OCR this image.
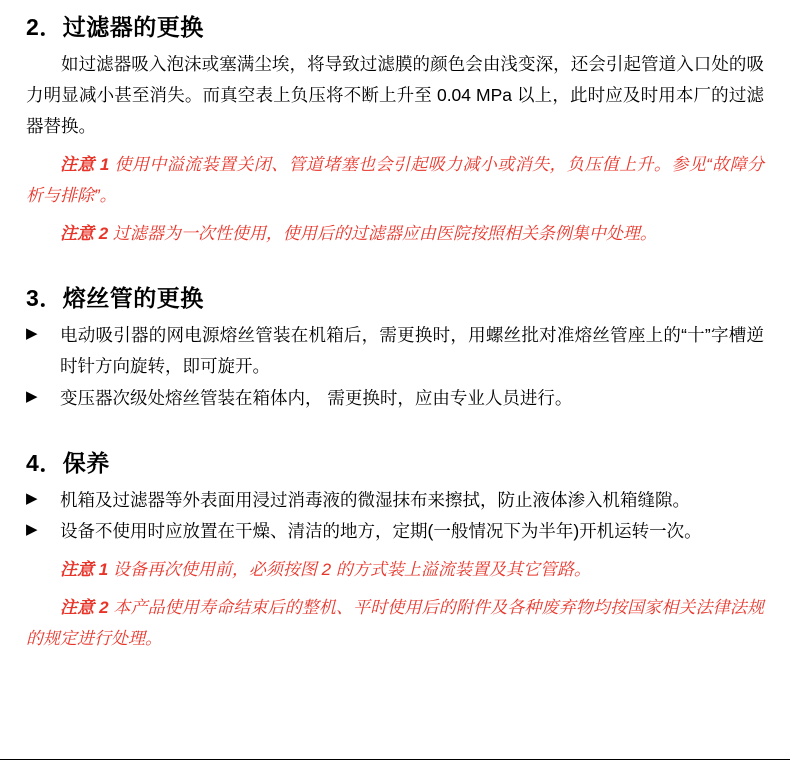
2．过滤器的更换

如过滤器吸入泡沫或塞满尘埃，将导致过滤膜的颜色会由浅变深，还会引起管道入口处的吸力明显减小甚至消失。而真空表上负压将不断上升至 0.04 MPa 以上，此时应及时用本厂的过滤器替换。

注意 1 使用中溢流装置关闭、管道堵塞也会引起吸力减小或消失，负压值上升。参见“故障分析与排除”。

注意 2 过滤器为一次性使用，使用后的过滤器应由医院按照相关条例集中处理。

3．熔丝管的更换
▶	电动吸引器的网电源熔丝管装在机箱后，需更换时，用螺丝批对准熔丝管座上的“十”字槽逆时针方向旋转，即可旋开。
▶	变压器次级处熔丝管装在箱体内， 需更换时，应由专业人员进行。
4．保养
▶	机箱及过滤器等外表面用浸过消毒液的微湿抹布来擦拭，防止液体渗入机箱缝隙。
▶	设备不使用时应放置在干燥、清洁的地方，定期(一般情况下为半年)开机运转一次。

注意 1 设备再次使用前，必须按图 2 的方式装上溢流装置及其它管路。

注意 2 本产品使用寿命结束后的整机、平时使用后的附件及各种废弃物均按国家相关法律法规的规定进行处理。
